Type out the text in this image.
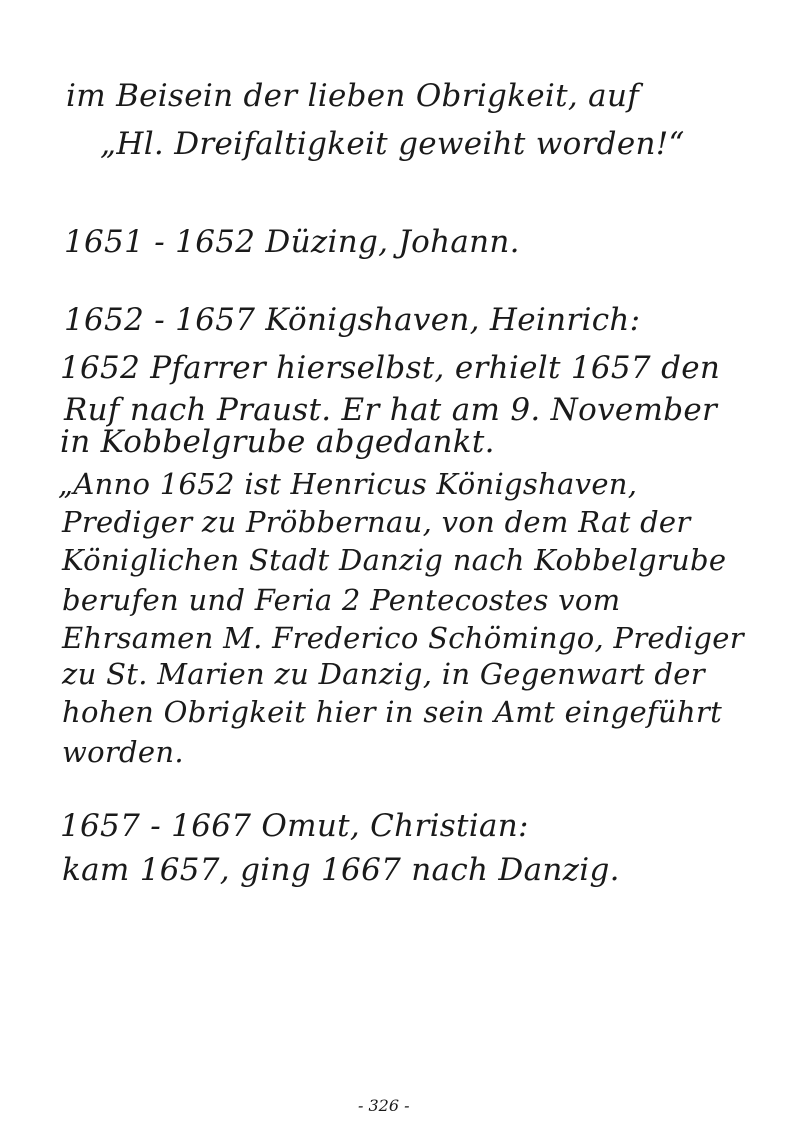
im Beisein der lieben Obrigkeit, auf
„Hl. Dreifaltigkeit geweiht worden!“
1651 - 1652 Düzing, Johann.
1652 - 1657 Königshaven, Heinrich:
1652 Pfarrer hierselbst, erhielt 1657 den
Ruf nach Praust. Er hat am 9. November
in Kobbelgrube abgedankt.
„Anno 1652 ist Henricus Königshaven,
Prediger zu Pröbbernau, von dem Rat der
Königlichen Stadt Danzig nach Kobbelgrube
berufen und Feria 2 Pentecostes vom
Ehrsamen M. Frederico Schömingo, Prediger
zu St. Marien zu Danzig, in Gegenwart der
hohen Obrigkeit hier in sein Amt eingeführt
worden.
1657 - 1667 Omut, Christian:
kam 1657, ging 1667 nach Danzig.
- 326 -
